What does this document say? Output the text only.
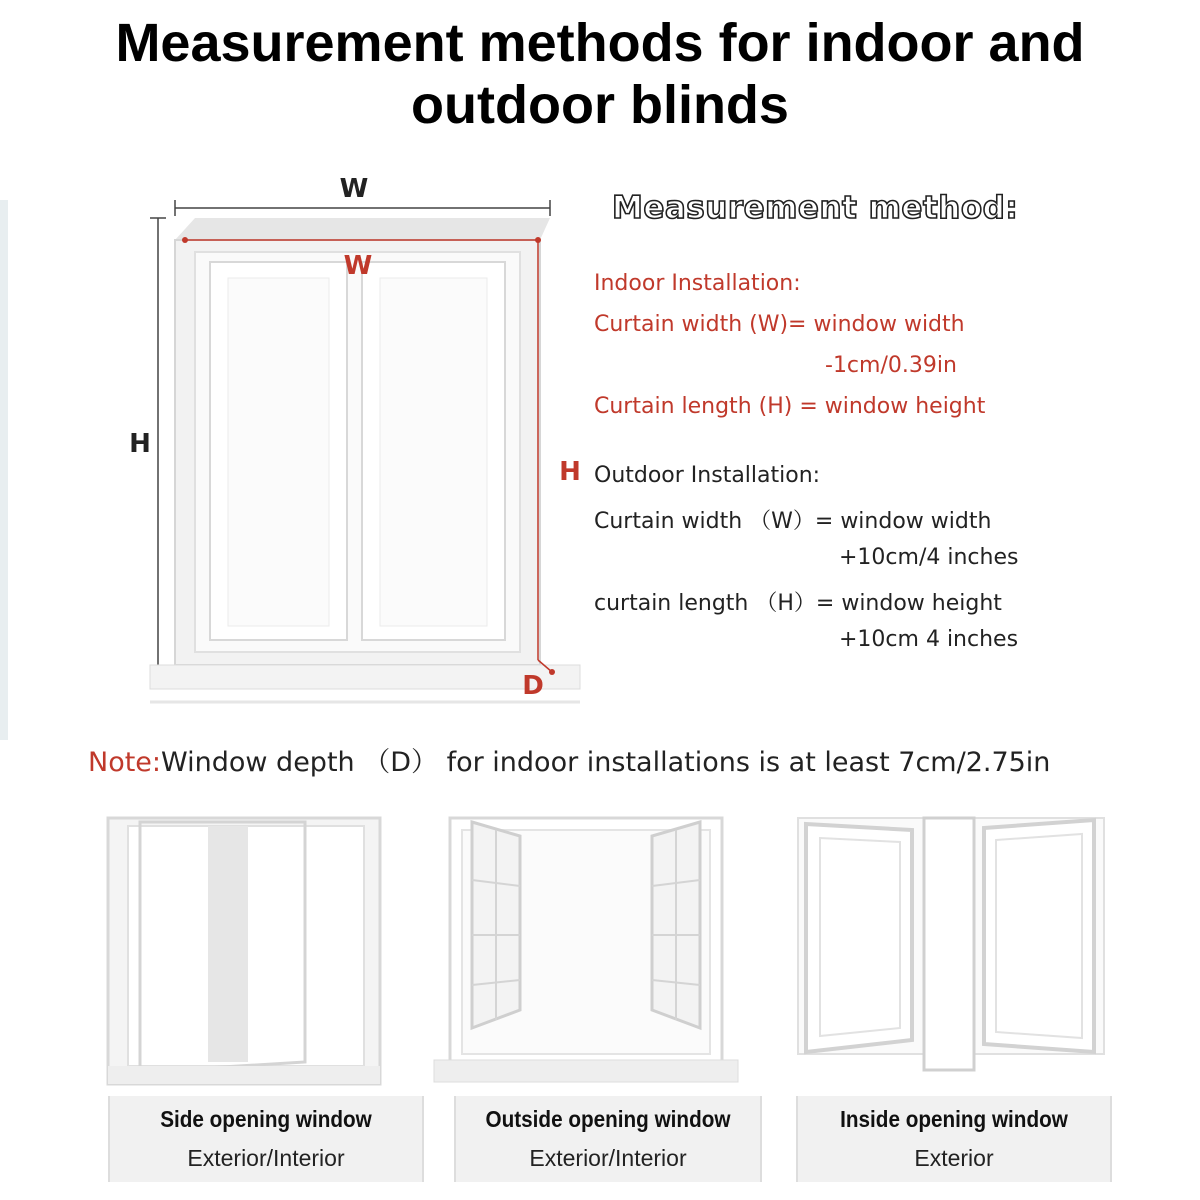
Measurement methods for indoor and
outdoor blinds
W
H
W
H
D
Measurement method:
Indoor Installation:
Curtain width (W)= window width
-1cm/0.39in
Curtain length (H) = window height
Outdoor Installation:
Curtain width （W）= window width
+10cm/4 inches
curtain length （H）= window height
+10cm 4 inches
Note:Window depth （D） for indoor installations is at least 7cm/2.75in
Side opening window
Exterior/Interior
Outside opening window
Exterior/Interior
Inside opening window
Exterior
